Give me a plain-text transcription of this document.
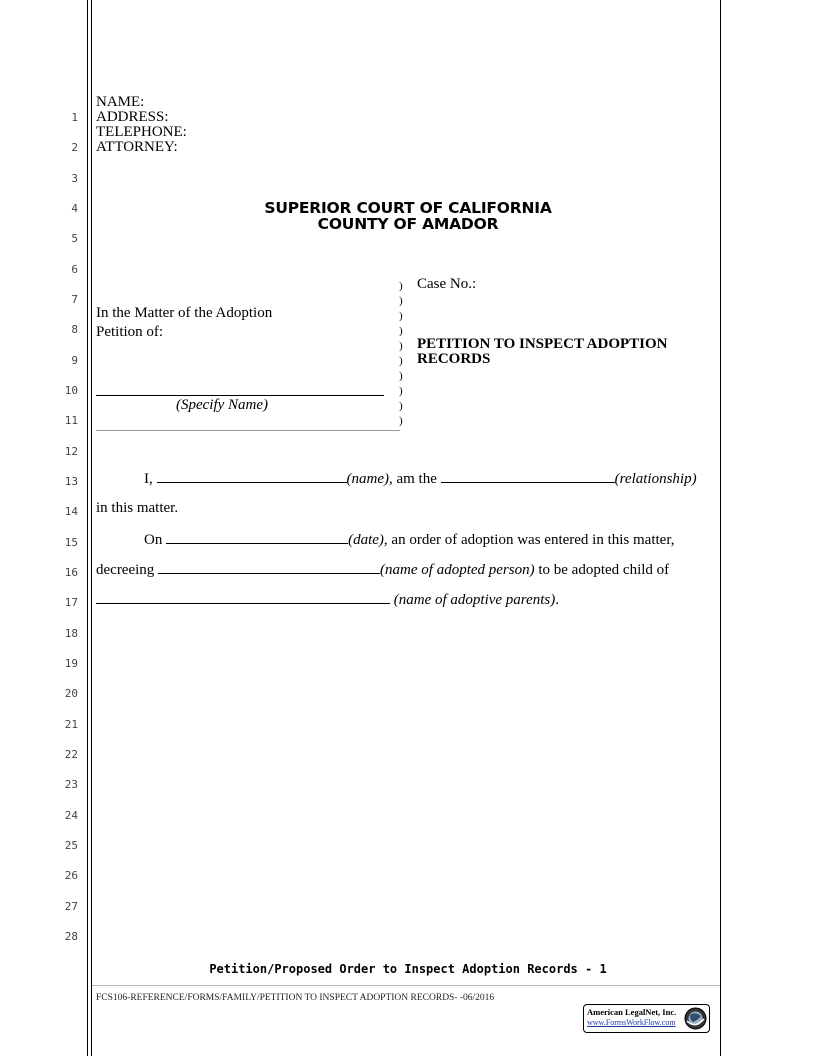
1
2
3
4
5
6
7
8
9
10
11
12
13
14
15
16
17
18
19
20
21
22
23
24
25
26
27
28
NAME:
ADDRESS:
TELEPHONE:
ATTORNEY:
SUPERIOR COURT OF CALIFORNIA
COUNTY OF AMADOR
In the Matter of the Adoption
Petition of:
(Specify Name)
)
)
)
)
)
)
)
)
)
)
Case No.:
PETITION TO INSPECT ADOPTION
RECORDS
I,	(name), am the	(relationship)
in this matter.
On	(date), an order of adoption was entered in this matter,
decreeing	(name of adopted person) to be adopted child of
(name of adoptive parents).
Petition/Proposed Order to Inspect Adoption Records - 1
FCS106-REFERENCE/FORMS/FAMILY/PETITION TO INSPECT ADOPTION RECORDS- -06/2016
American LegalNet, Inc.
www.FormsWorkFlow.com
